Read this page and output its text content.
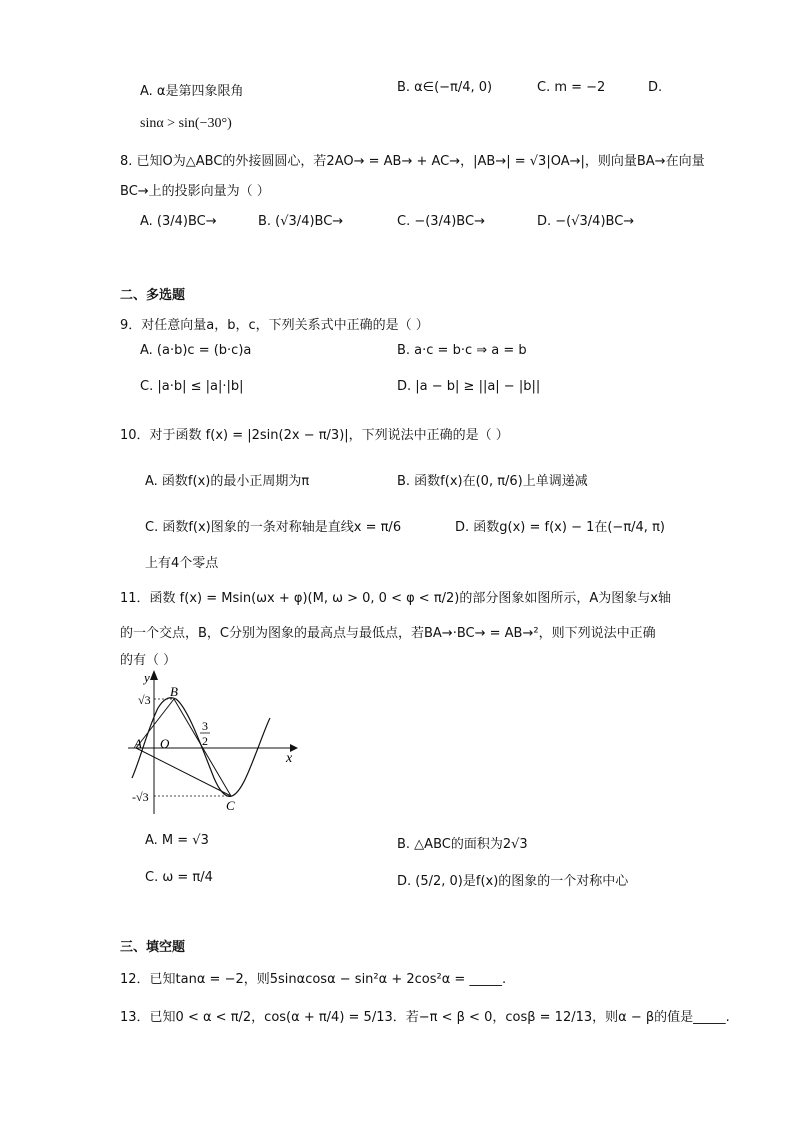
A. α是第四象限角	B. α∈(−π/4, 0)	C. m = −2	D.
sinα > sin(−30°)
8. 已知O为△ABC的外接圆圆心，若2AO→ = AB→ + AC→，|AB→| = √3|OA→|，则向量BA→在向量
BC→上的投影向量为（ ）
A. (3/4)BC→	B. (√3/4)BC→	C. −(3/4)BC→	D. −(√3/4)BC→
二、多选题
9．对任意向量a，b，c，下列关系式中正确的是（ ）
A. (a·b)c = (b·c)a	B. a·c = b·c ⇒ a = b
C. |a·b| ≤ |a|·|b|	D. |a − b| ≥ ||a| − |b||
10．对于函数 f(x) = |2sin(2x − π/3)|，下列说法中正确的是（ ）
A. 函数f(x)的最小正周期为π	B. 函数f(x)在(0, π/6)上单调递减
C. 函数f(x)图象的一条对称轴是直线x = π/6	D. 函数g(x) = f(x) − 1在(−π/4, π)
上有4个零点
11．函数 f(x) = Msin(ωx + φ)(M, ω > 0, 0 < φ < π/2)的部分图象如图所示，A为图象与x轴
的一个交点，B，C分别为图象的最高点与最低点，若BA→·BC→ = AB→²，则下列说法中正确
的有（ ）
y
x
√3
-√3
A O
B
C
3
2
A. M = √3	B. △ABC的面积为2√3
C. ω = π/4	D. (5/2, 0)是f(x)的图象的一个对称中心
三、填空题
12．已知tanα = −2，则5sinαcosα − sin²α + 2cos²α = _____.
13．已知0 < α < π/2，cos(α + π/4) = 5/13．若−π < β < 0，cosβ = 12/13，则α − β的值是_____.
